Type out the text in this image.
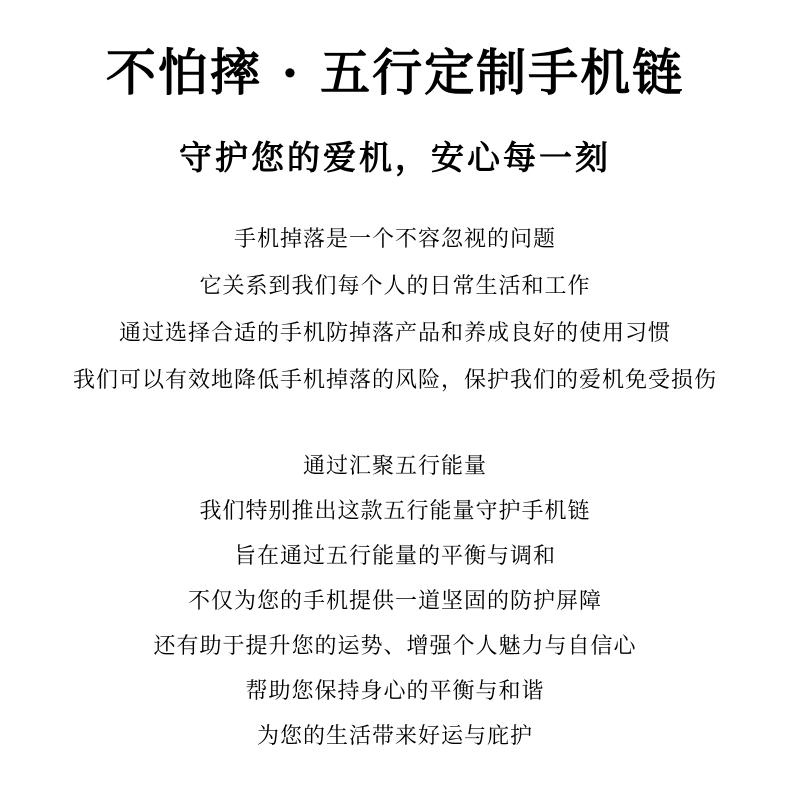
不怕摔 · 五行定制手机链
守护您的爱机，安心每一刻
手机掉落是一个不容忽视的问题
它关系到我们每个人的日常生活和工作
通过选择合适的手机防掉落产品和养成良好的使用习惯
我们可以有效地降低手机掉落的风险，保护我们的爱机免受损伤
通过汇聚五行能量
我们特别推出这款五行能量守护手机链
旨在通过五行能量的平衡与调和
不仅为您的手机提供一道坚固的防护屏障
还有助于提升您的运势、增强个人魅力与自信心
帮助您保持身心的平衡与和谐
为您的生活带来好运与庇护
